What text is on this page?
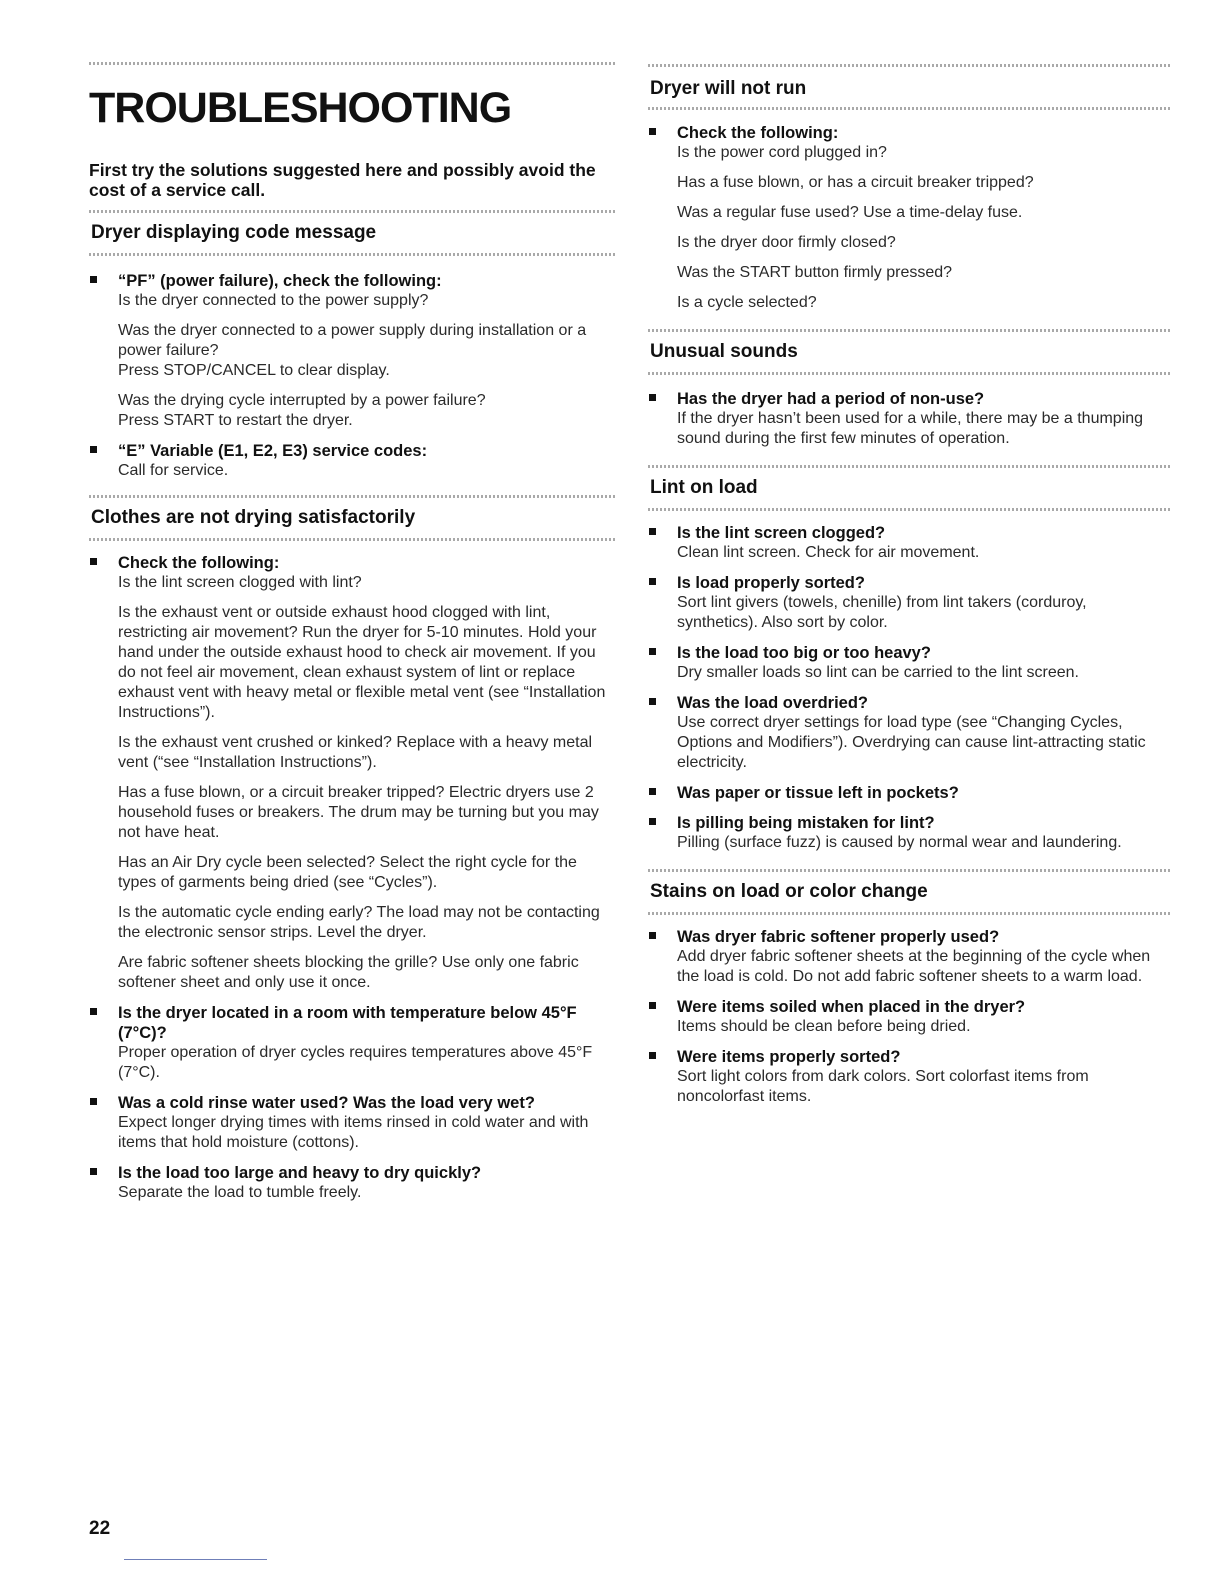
TROUBLESHOOTING

First try the solutions suggested here and possibly avoid the cost of a service call.

Dryer displaying code message

“PF” (power failure), check the following:

Is the dryer connected to the power supply?

Was the dryer connected to a power supply during installation or a power failure?

Press STOP/CANCEL to clear display.

Was the drying cycle interrupted by a power failure?

Press START to restart the dryer.

“E” Variable (E1, E2, E3) service codes:

Call for service.

Clothes are not drying satisfactorily

Check the following:

Is the lint screen clogged with lint?

Is the exhaust vent or outside exhaust hood clogged with lint, restricting air movement? Run the dryer for 5-10 minutes. Hold your hand under the outside exhaust hood to check air movement. If you do not feel air movement, clean exhaust system of lint or replace exhaust vent with heavy metal or flexible metal vent (see “Installation Instructions”).

Is the exhaust vent crushed or kinked? Replace with a heavy metal vent (“see “Installation Instructions”).

Has a fuse blown, or a circuit breaker tripped? Electric dryers use 2 household fuses or breakers. The drum may be turning but you may not have heat.

Has an Air Dry cycle been selected? Select the right cycle for the types of garments being dried (see “Cycles”).

Is the automatic cycle ending early? The load may not be contacting the electronic sensor strips. Level the dryer.

Are fabric softener sheets blocking the grille? Use only one fabric softener sheet and only use it once.

Is the dryer located in a room with temperature below 45°F (7°C)?

Proper operation of dryer cycles requires temperatures above 45°F (7°C).

Was a cold rinse water used? Was the load very wet?

Expect longer drying times with items rinsed in cold water and with items that hold moisture (cottons).

Is the load too large and heavy to dry quickly?

Separate the load to tumble freely.

Dryer will not run

Check the following:

Is the power cord plugged in?

Has a fuse blown, or has a circuit breaker tripped?

Was a regular fuse used? Use a time-delay fuse.

Is the dryer door firmly closed?

Was the START button firmly pressed?

Is a cycle selected?

Unusual sounds

Has the dryer had a period of non-use?

If the dryer hasn’t been used for a while, there may be a thumping sound during the first few minutes of operation.

Lint on load

Is the lint screen clogged?

Clean lint screen. Check for air movement.

Is load properly sorted?

Sort lint givers (towels, chenille) from lint takers (corduroy, synthetics). Also sort by color.

Is the load too big or too heavy?

Dry smaller loads so lint can be carried to the lint screen.

Was the load overdried?

Use correct dryer settings for load type (see “Changing Cycles, Options and Modifiers”). Overdrying can cause lint-attracting static electricity.

Was paper or tissue left in pockets?

Is pilling being mistaken for lint?

Pilling (surface fuzz) is caused by normal wear and laundering.

Stains on load or color change

Was dryer fabric softener properly used?

Add dryer fabric softener sheets at the beginning of the cycle when the load is cold. Do not add fabric softener sheets to a warm load.

Were items soiled when placed in the dryer?

Items should be clean before being dried.

Were items properly sorted?

Sort light colors from dark colors. Sort colorfast items from noncolorfast items.

22
